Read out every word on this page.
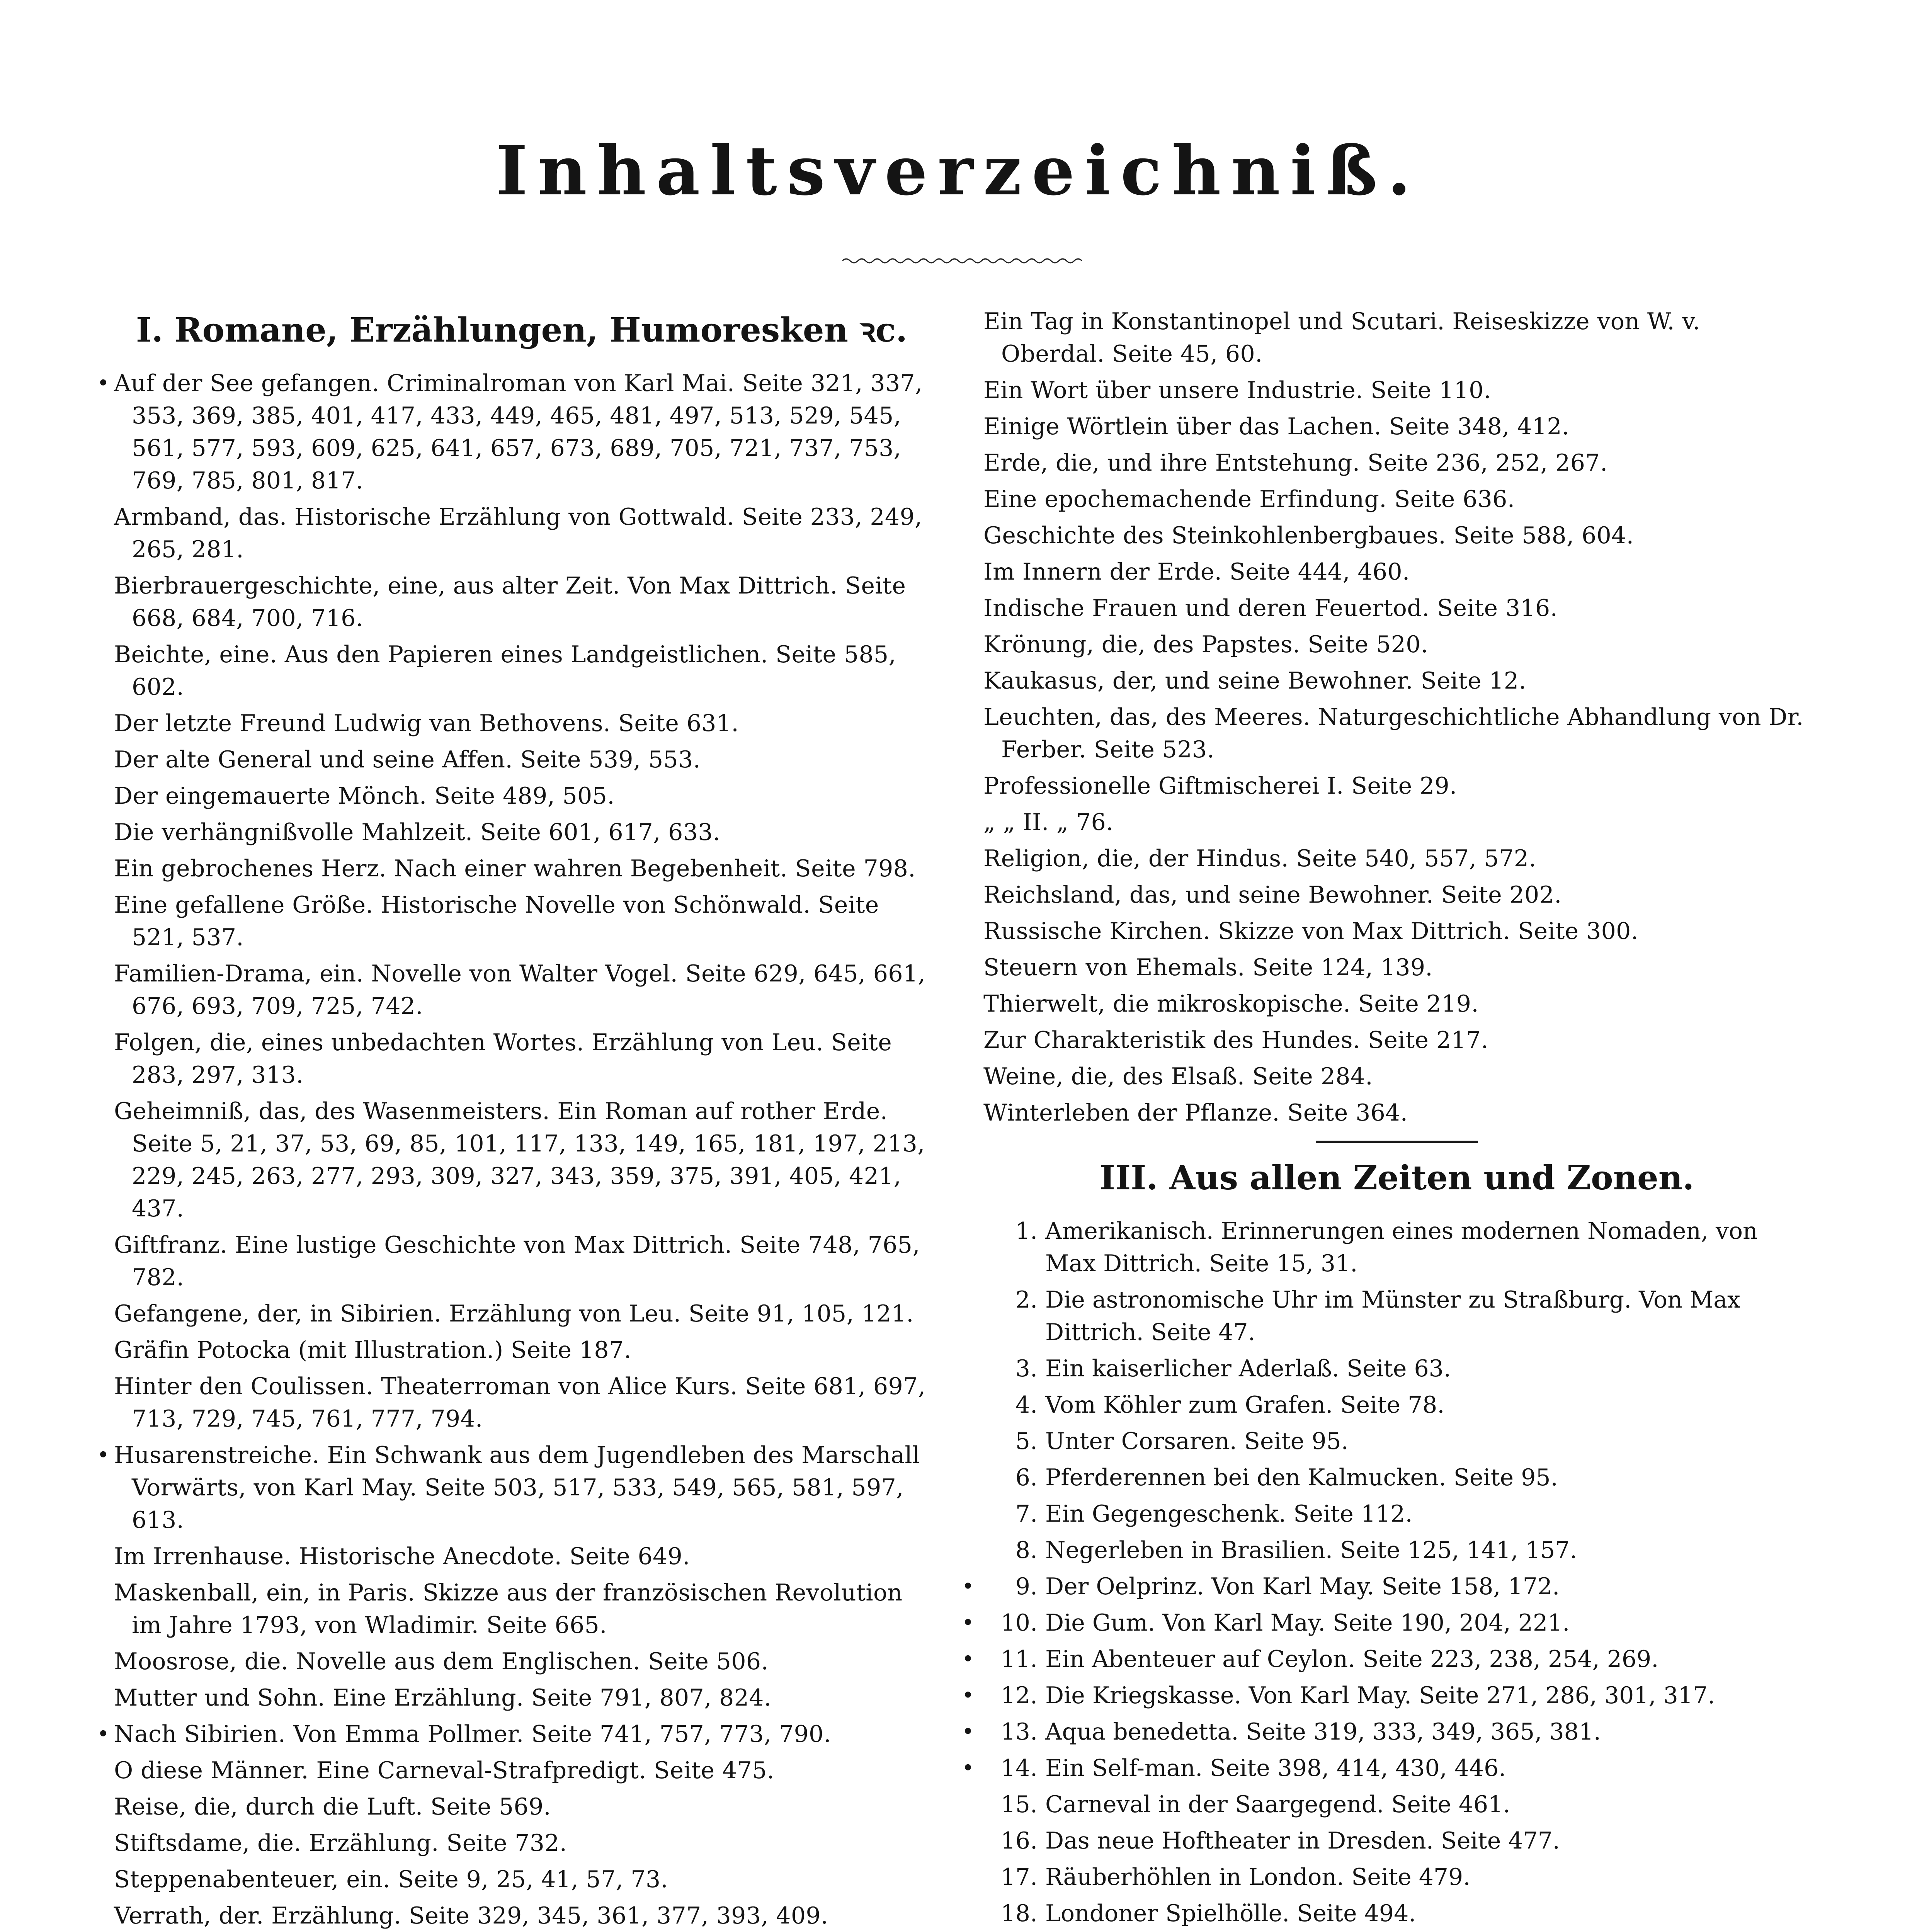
Inhaltsverzeichniß.
I. Romane, Erzählungen, Humoresken ꝛc.
• Auf der See gefangen. Criminalroman von Karl Mai. Seite 321, 337, 353, 369, 385, 401, 417, 433, 449, 465, 481, 497, 513, 529, 545, 561, 577, 593, 609, 625, 641, 657, 673, 689, 705, 721, 737, 753, 769, 785, 801, 817.
Armband, das. Historische Erzählung von Gottwald. Seite 233, 249, 265, 281.
Bierbrauergeschichte, eine, aus alter Zeit. Von Max Dittrich. Seite 668, 684, 700, 716.
Beichte, eine. Aus den Papieren eines Landgeistlichen. Seite 585, 602.
Der letzte Freund Ludwig van Bethovens. Seite 631.
Der alte General und seine Affen. Seite 539, 553.
Der eingemauerte Mönch. Seite 489, 505.
Die verhängnißvolle Mahlzeit. Seite 601, 617, 633.
Ein gebrochenes Herz. Nach einer wahren Begebenheit. Seite 798.
Eine gefallene Größe. Historische Novelle von Schönwald. Seite 521, 537.
Familien-Drama, ein. Novelle von Walter Vogel. Seite 629, 645, 661, 676, 693, 709, 725, 742.
Folgen, die, eines unbedachten Wortes. Erzählung von Leu. Seite 283, 297, 313.
Geheimniß, das, des Wasenmeisters. Ein Roman auf rother Erde. Seite 5, 21, 37, 53, 69, 85, 101, 117, 133, 149, 165, 181, 197, 213, 229, 245, 263, 277, 293, 309, 327, 343, 359, 375, 391, 405, 421, 437.
Giftfranz. Eine lustige Geschichte von Max Dittrich. Seite 748, 765, 782.
Gefangene, der, in Sibirien. Erzählung von Leu. Seite 91, 105, 121.
Gräfin Potocka (mit Illustration.) Seite 187.
Hinter den Coulissen. Theaterroman von Alice Kurs. Seite 681, 697, 713, 729, 745, 761, 777, 794.
• Husarenstreiche. Ein Schwank aus dem Jugendleben des Marschall Vorwärts, von Karl May. Seite 503, 517, 533, 549, 565, 581, 597, 613.
Im Irrenhause. Historische Anecdote. Seite 649.
Maskenball, ein, in Paris. Skizze aus der französischen Revolution im Jahre 1793, von Wladimir. Seite 665.
Moosrose, die. Novelle aus dem Englischen. Seite 506.
Mutter und Sohn. Eine Erzählung. Seite 791, 807, 824.
• Nach Sibirien. Von Emma Pollmer. Seite 741, 757, 773, 790.
O diese Männer. Eine Carneval-Strafpredigt. Seite 475.
Reise, die, durch die Luft. Seite 569.
Stiftsdame, die. Erzählung. Seite 732.
Steppenabenteuer, ein. Seite 9, 25, 41, 57, 73.
Verrath, der. Erzählung. Seite 329, 345, 361, 377, 393, 409.
Ein Tag in Konstantinopel und Scutari. Reiseskizze von W. v. Oberdal. Seite 45, 60.
Ein Wort über unsere Industrie. Seite 110.
Einige Wörtlein über das Lachen. Seite 348, 412.
Erde, die, und ihre Entstehung. Seite 236, 252, 267.
Eine epochemachende Erfindung. Seite 636.
Geschichte des Steinkohlenbergbaues. Seite 588, 604.
Im Innern der Erde. Seite 444, 460.
Indische Frauen und deren Feuertod. Seite 316.
Krönung, die, des Papstes. Seite 520.
Kaukasus, der, und seine Bewohner. Seite 12.
Leuchten, das, des Meeres. Naturgeschichtliche Abhandlung von Dr. Ferber. Seite 523.
Professionelle Giftmischerei I. Seite 29.
„ „ II. „ 76.
Religion, die, der Hindus. Seite 540, 557, 572.
Reichsland, das, und seine Bewohner. Seite 202.
Russische Kirchen. Skizze von Max Dittrich. Seite 300.
Steuern von Ehemals. Seite 124, 139.
Thierwelt, die mikroskopische. Seite 219.
Zur Charakteristik des Hundes. Seite 217.
Weine, die, des Elsaß. Seite 284.
Winterleben der Pflanze. Seite 364.
III. Aus allen Zeiten und Zonen.
1. Amerikanisch. Erinnerungen eines modernen Nomaden, von Max Dittrich. Seite 15, 31.
2. Die astronomische Uhr im Münster zu Straßburg. Von Max Dittrich. Seite 47.
3. Ein kaiserlicher Aderlaß. Seite 63.
4. Vom Köhler zum Grafen. Seite 78.
5. Unter Corsaren. Seite 95.
6. Pferderennen bei den Kalmucken. Seite 95.
7. Ein Gegengeschenk. Seite 112.
8. Negerleben in Brasilien. Seite 125, 141, 157.
•	9. Der Oelprinz. Von Karl May. Seite 158, 172.
•	10. Die Gum. Von Karl May. Seite 190, 204, 221.
•	11. Ein Abenteuer auf Ceylon. Seite 223, 238, 254, 269.
•	12. Die Kriegskasse. Von Karl May. Seite 271, 286, 301, 317.
•	13. Aqua benedetta. Seite 319, 333, 349, 365, 381.
•	14. Ein Self-man. Seite 398, 414, 430, 446.
15. Carneval in der Saargegend. Seite 461.
16. Das neue Hoftheater in Dresden. Seite 477.
17. Räuberhöhlen in London. Seite 479.
18. Londoner Spielhölle. Seite 494.
